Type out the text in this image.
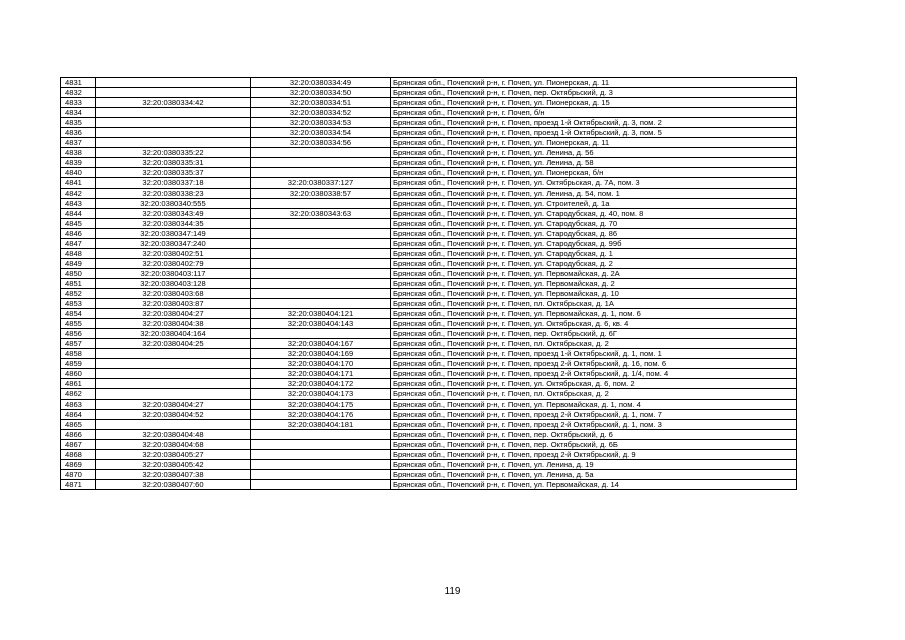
4831		32:20:0380334:49	Брянская обл., Почепский р-н, г. Почеп, ул. Пионерская, д. 11
4832		32:20:0380334:50	Брянская обл., Почепский р-н, г. Почеп, пер. Октябрьский, д. 3
4833	32:20:0380334:42	32:20:0380334:51	Брянская обл., Почепский р-н, г. Почеп, ул. Пионерская, д. 15
4834		32:20:0380334:52	Брянская обл., Почепский р-н, г. Почеп, б/н
4835		32:20:0380334:53	Брянская обл., Почепский р-н, г. Почеп, проезд 1-й Октябрьский, д. 3, пом. 2
4836		32:20:0380334:54	Брянская обл., Почепский р-н, г. Почеп, проезд 1-й Октябрьский, д. 3, пом. 5
4837		32:20:0380334:56	Брянская обл., Почепский р-н, г. Почеп, ул. Пионерская, д. 11
4838	32:20:0380335:22		Брянская обл., Почепский р-н, г. Почеп, ул. Ленина, д. 56
4839	32:20:0380335:31		Брянская обл., Почепский р-н, г. Почеп, ул. Ленина, д. 58
4840	32:20:0380335:37		Брянская обл., Почепский р-н, г. Почеп, ул. Пионерская, б/н
4841	32:20:0380337:18	32:20:0380337:127	Брянская обл., Почепский р-н, г. Почеп, ул. Октябрьская, д. 7А, пом. 3
4842	32:20:0380338:23	32:20:0380338:57	Брянская обл., Почепский р-н, г. Почеп, ул. Ленина, д. 54, пом. 1
4843	32:20:0380340:555		Брянская обл., Почепский р-н, г. Почеп, ул. Строителей, д. 1а
4844	32:20:0380343:49	32:20:0380343:63	Брянская обл., Почепский р-н, г. Почеп, ул. Стародубская, д. 40, пом. 8
4845	32:20:0380344:35		Брянская обл., Почепский р-н, г. Почеп, ул. Стародубская, д. 70
4846	32:20:0380347:149		Брянская обл., Почепский р-н, г. Почеп, ул. Стародубская, д. 86
4847	32:20:0380347:240		Брянская обл., Почепский р-н, г. Почеп, ул. Стародубская, д. 99б
4848	32:20:0380402:51		Брянская обл., Почепский р-н, г. Почеп, ул. Стародубская, д. 1
4849	32:20:0380402:79		Брянская обл., Почепский р-н, г. Почеп, ул. Стародубская, д. 2
4850	32:20:0380403:117		Брянская обл., Почепский р-н, г. Почеп, ул. Первомайская, д. 2А
4851	32:20:0380403:128		Брянская обл., Почепский р-н, г. Почеп, ул. Первомайская, д. 2
4852	32:20:0380403:68		Брянская обл., Почепский р-н, г. Почеп, ул. Первомайская, д. 10
4853	32:20:0380403:87		Брянская обл., Почепский р-н, г. Почеп, пл. Октябрьская, д. 1А
4854	32:20:0380404:27	32:20:0380404:121	Брянская обл., Почепский р-н, г. Почеп, ул. Первомайская, д. 1, пом. 6
4855	32:20:0380404:38	32:20:0380404:143	Брянская обл., Почепский р-н, г. Почеп, ул. Октябрьская, д. 6, кв. 4
4856	32:20:0380404:164		Брянская обл., Почепский р-н, г. Почеп, пер. Октябрьский, д. 6Г
4857	32:20:0380404:25	32:20:0380404:167	Брянская обл., Почепский р-н, г. Почеп, пл. Октябрьская, д. 2
4858		32:20:0380404:169	Брянская обл., Почепский р-н, г. Почеп, проезд 1-й Октябрьский, д. 1, пом. 1
4859		32:20:0380404:170	Брянская обл., Почепский р-н, г. Почеп, проезд 2-й Октябрьский, д. 16, пом. 6
4860		32:20:0380404:171	Брянская обл., Почепский р-н, г. Почеп, проезд 2-й Октябрьский, д. 1/4, пом. 4
4861		32:20:0380404:172	Брянская обл., Почепский р-н, г. Почеп, ул. Октябрьская, д. 6, пом. 2
4862		32:20:0380404:173	Брянская обл., Почепский р-н, г. Почеп, пл. Октябрьская, д. 2
4863	32:20:0380404:27	32:20:0380404:175	Брянская обл., Почепский р-н, г. Почеп, ул. Первомайская, д. 1, пом. 4
4864	32:20:0380404:52	32:20:0380404:176	Брянская обл., Почепский р-н, г. Почеп, проезд 2-й Октябрьский, д. 1, пом. 7
4865		32:20:0380404:181	Брянская обл., Почепский р-н, г. Почеп, проезд 2-й Октябрьский, д. 1, пом. 3
4866	32:20:0380404:48		Брянская обл., Почепский р-н, г. Почеп, пер. Октябрьский, д. 6
4867	32:20:0380404:68		Брянская обл., Почепский р-н, г. Почеп, пер. Октябрьский, д. 6Б
4868	32:20:0380405:27		Брянская обл., Почепский р-н, г. Почеп, проезд 2-й Октябрьский, д. 9
4869	32:20:0380405:42		Брянская обл., Почепский р-н, г. Почеп, ул. Ленина, д. 19
4870	32:20:0380407:38		Брянская обл., Почепский р-н, г. Почеп, ул. Ленина, д. 5а
4871	32:20:0380407:60		Брянская обл., Почепский р-н, г. Почеп, ул. Первомайская, д. 14
119
